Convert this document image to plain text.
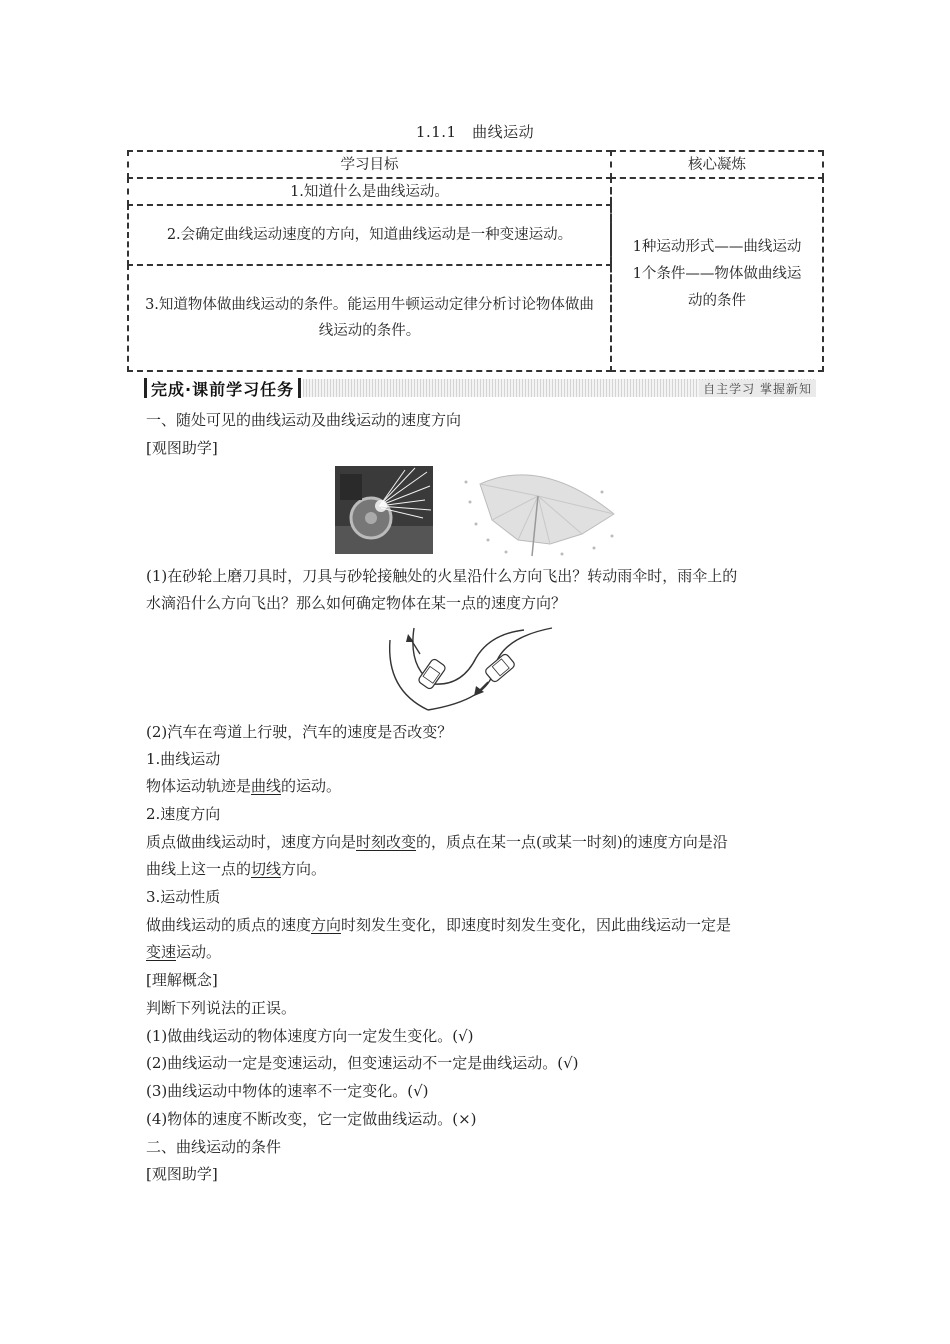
1.1.1　曲线运动
学习目标	核心凝炼
1.知道什么是曲线运动。
2.会确定曲线运动速度的方向，知道曲线运动是一种变速运动。
3.知道物体做曲线运动的条件。能运用牛顿运动定律分析讨论物体做曲线运动的条件。
1种运动形式——曲线运动
1个条件——物体做曲线运动的条件
完成·课前学习任务	自主学习 掌握新知
一、随处可见的曲线运动及曲线运动的速度方向
[观图助学]
(1)在砂轮上磨刀具时，刀具与砂轮接触处的火星沿什么方向飞出？转动雨伞时，雨伞上的
水滴沿什么方向飞出？那么如何确定物体在某一点的速度方向？
(2)汽车在弯道上行驶，汽车的速度是否改变？
1.曲线运动
物体运动轨迹是曲线的运动。
2.速度方向
质点做曲线运动时，速度方向是时刻改变的，质点在某一点(或某一时刻)的速度方向是沿
曲线上这一点的切线方向。
3.运动性质
做曲线运动的质点的速度方向时刻发生变化，即速度时刻发生变化，因此曲线运动一定是
变速运动。
[理解概念]
判断下列说法的正误。
(1)做曲线运动的物体速度方向一定发生变化。(√)
(2)曲线运动一定是变速运动，但变速运动不一定是曲线运动。(√)
(3)曲线运动中物体的速率不一定变化。(√)
(4)物体的速度不断改变，它一定做曲线运动。(×)
二、曲线运动的条件
[观图助学]
